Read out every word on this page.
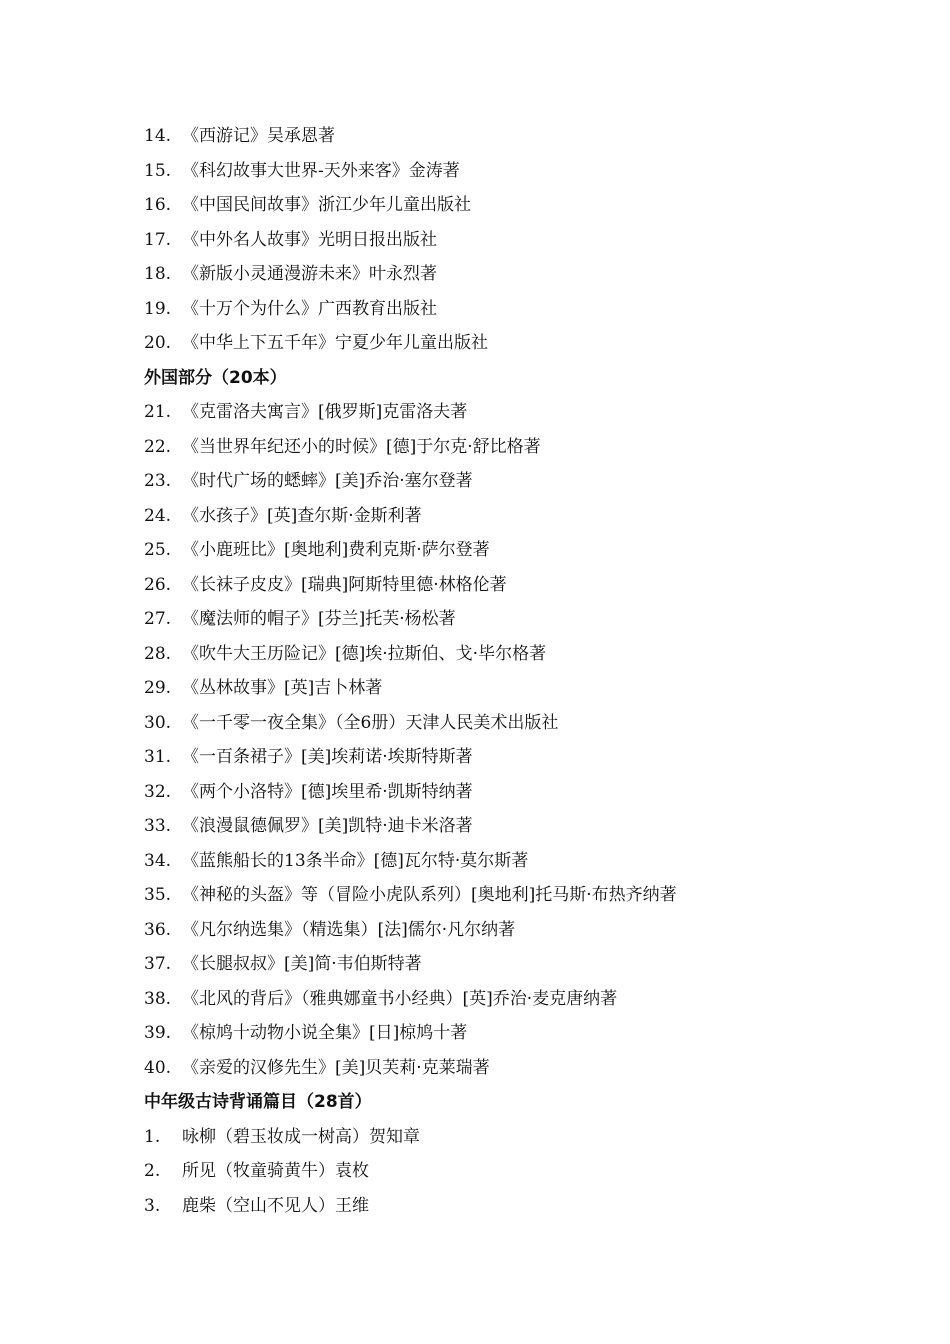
14. 《西游记》吴承恩著
15. 《科幻故事大世界-天外来客》金涛著
16. 《中国民间故事》浙江少年儿童出版社
17. 《中外名人故事》光明日报出版社
18. 《新版小灵通漫游未来》叶永烈著
19. 《十万个为什么》广西教育出版社
20. 《中华上下五千年》宁夏少年儿童出版社
外国部分（20本）
21. 《克雷洛夫寓言》[俄罗斯]克雷洛夫著
22. 《当世界年纪还小的时候》[德]于尔克·舒比格著
23. 《时代广场的蟋蟀》[美]乔治·塞尔登著
24. 《水孩子》[英]查尔斯·金斯利著
25. 《小鹿班比》[奥地利]费利克斯·萨尔登著
26. 《长袜子皮皮》[瑞典]阿斯特里德·林格伦著
27. 《魔法师的帽子》[芬兰]托芙·杨松著
28. 《吹牛大王历险记》[德]埃·拉斯伯、戈·毕尔格著
29. 《丛林故事》[英]吉卜林著
30. 《一千零一夜全集》（全6册）天津人民美术出版社
31. 《一百条裙子》[美]埃莉诺·埃斯特斯著
32. 《两个小洛特》[德]埃里希·凯斯特纳著
33. 《浪漫鼠德佩罗》[美]凯特·迪卡米洛著
34. 《蓝熊船长的13条半命》[德]瓦尔特·莫尔斯著
35. 《神秘的头盔》等（冒险小虎队系列）[奥地利]托马斯·布热齐纳著
36. 《凡尔纳选集》（精选集）[法]儒尔·凡尔纳著
37. 《长腿叔叔》[美]简·韦伯斯特著
38. 《北风的背后》（雅典娜童书小经典）[英]乔治·麦克唐纳著
39. 《椋鸠十动物小说全集》[日]椋鸠十著
40. 《亲爱的汉修先生》[美]贝芙莉·克莱瑞著
中年级古诗背诵篇目（28首）
1. 咏柳（碧玉妆成一树高）贺知章
2. 所见（牧童骑黄牛）袁枚
3. 鹿柴（空山不见人）王维
